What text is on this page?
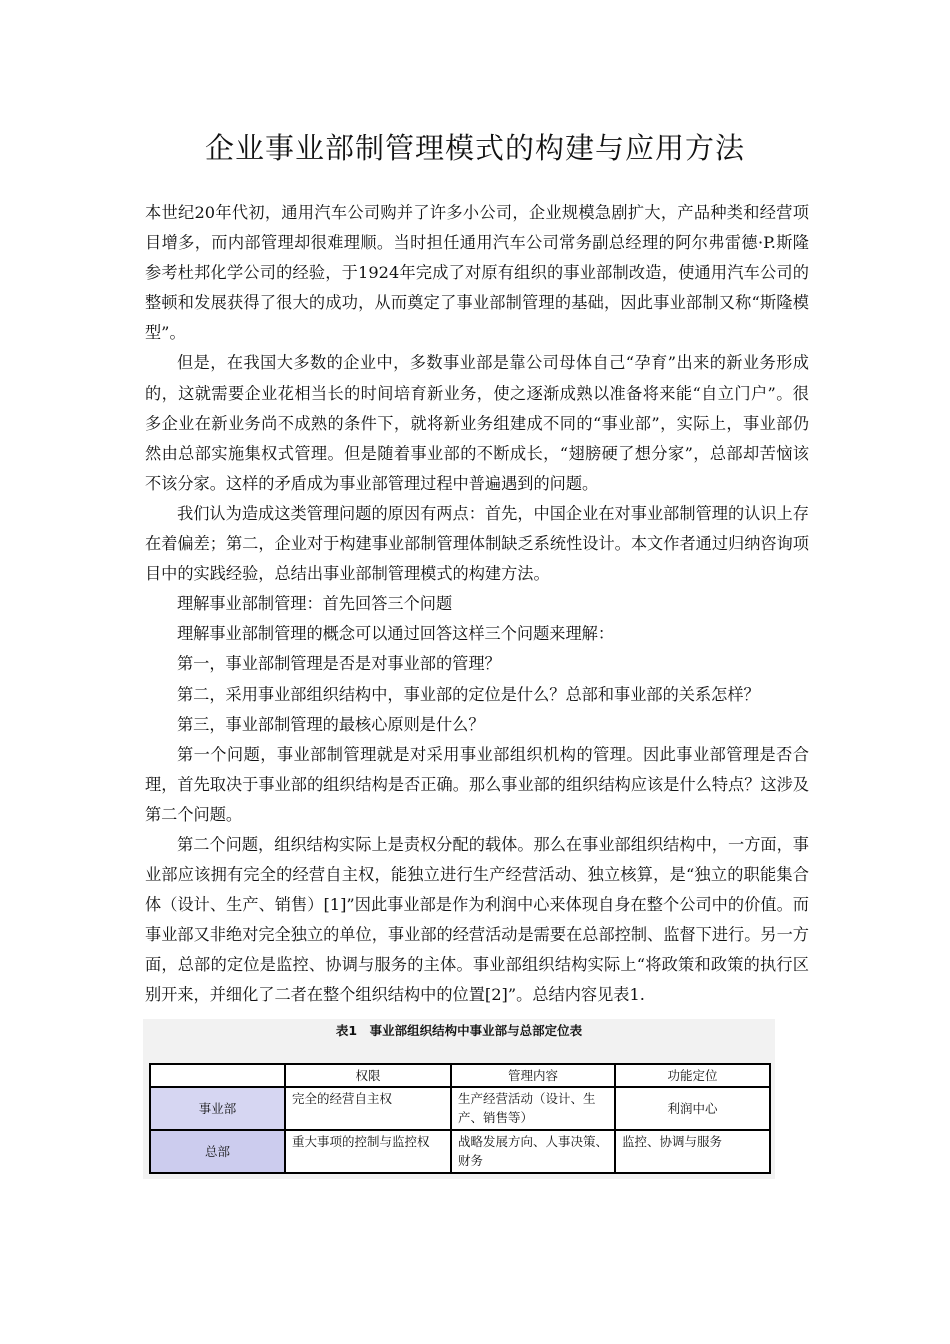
企业事业部制管理模式的构建与应用方法

本世纪20年代初，通用汽车公司购并了许多小公司，企业规模急剧扩大，产品种类和经营项目增多，而内部管理却很难理顺。当时担任通用汽车公司常务副总经理的阿尔弗雷德·P.斯隆参考杜邦化学公司的经验，于1924年完成了对原有组织的事业部制改造，使通用汽车公司的整顿和发展获得了很大的成功，从而奠定了事业部制管理的基础，因此事业部制又称“斯隆模型”。

但是，在我国大多数的企业中，多数事业部是靠公司母体自己“孕育”出来的新业务形成的，这就需要企业花相当长的时间培育新业务，使之逐渐成熟以准备将来能“自立门户”。很多企业在新业务尚不成熟的条件下，就将新业务组建成不同的“事业部”，实际上，事业部仍然由总部实施集权式管理。但是随着事业部的不断成长，“翅膀硬了想分家”，总部却苦恼该不该分家。这样的矛盾成为事业部管理过程中普遍遇到的问题。

我们认为造成这类管理问题的原因有两点：首先，中国企业在对事业部制管理的认识上存在着偏差；第二，企业对于构建事业部制管理体制缺乏系统性设计。本文作者通过归纳咨询项目中的实践经验，总结出事业部制管理模式的构建方法。

理解事业部制管理：首先回答三个问题

理解事业部制管理的概念可以通过回答这样三个问题来理解：

第一，事业部制管理是否是对事业部的管理？

第二，采用事业部组织结构中，事业部的定位是什么？总部和事业部的关系怎样？

第三，事业部制管理的最核心原则是什么？

第一个问题，事业部制管理就是对采用事业部组织机构的管理。因此事业部管理是否合理，首先取决于事业部的组织结构是否正确。那么事业部的组织结构应该是什么特点？这涉及第二个问题。

第二个问题，组织结构实际上是责权分配的载体。那么在事业部组织结构中，一方面，事业部应该拥有完全的经营自主权，能独立进行生产经营活动、独立核算，是“独立的职能集合体（设计、生产、销售）[1]”因此事业部是作为利润中心来体现自身在整个公司中的价值。而事业部又非绝对完全独立的单位，事业部的经营活动是需要在总部控制、监督下进行。另一方面，总部的定位是监控、协调与服务的主体。事业部组织结构实际上“将政策和政策的执行区别开来，并细化了二者在整个组织结构中的位置[2]”。总结内容见表1.

表1　事业部组织结构中事业部与总部定位表
	权限	管理内容	功能定位
事业部	完全的经营自主权	生产经营活动（设计、生产、销售等）	利润中心
总部	重大事项的控制与监控权	战略发展方向、人事决策、财务	监控、协调与服务
